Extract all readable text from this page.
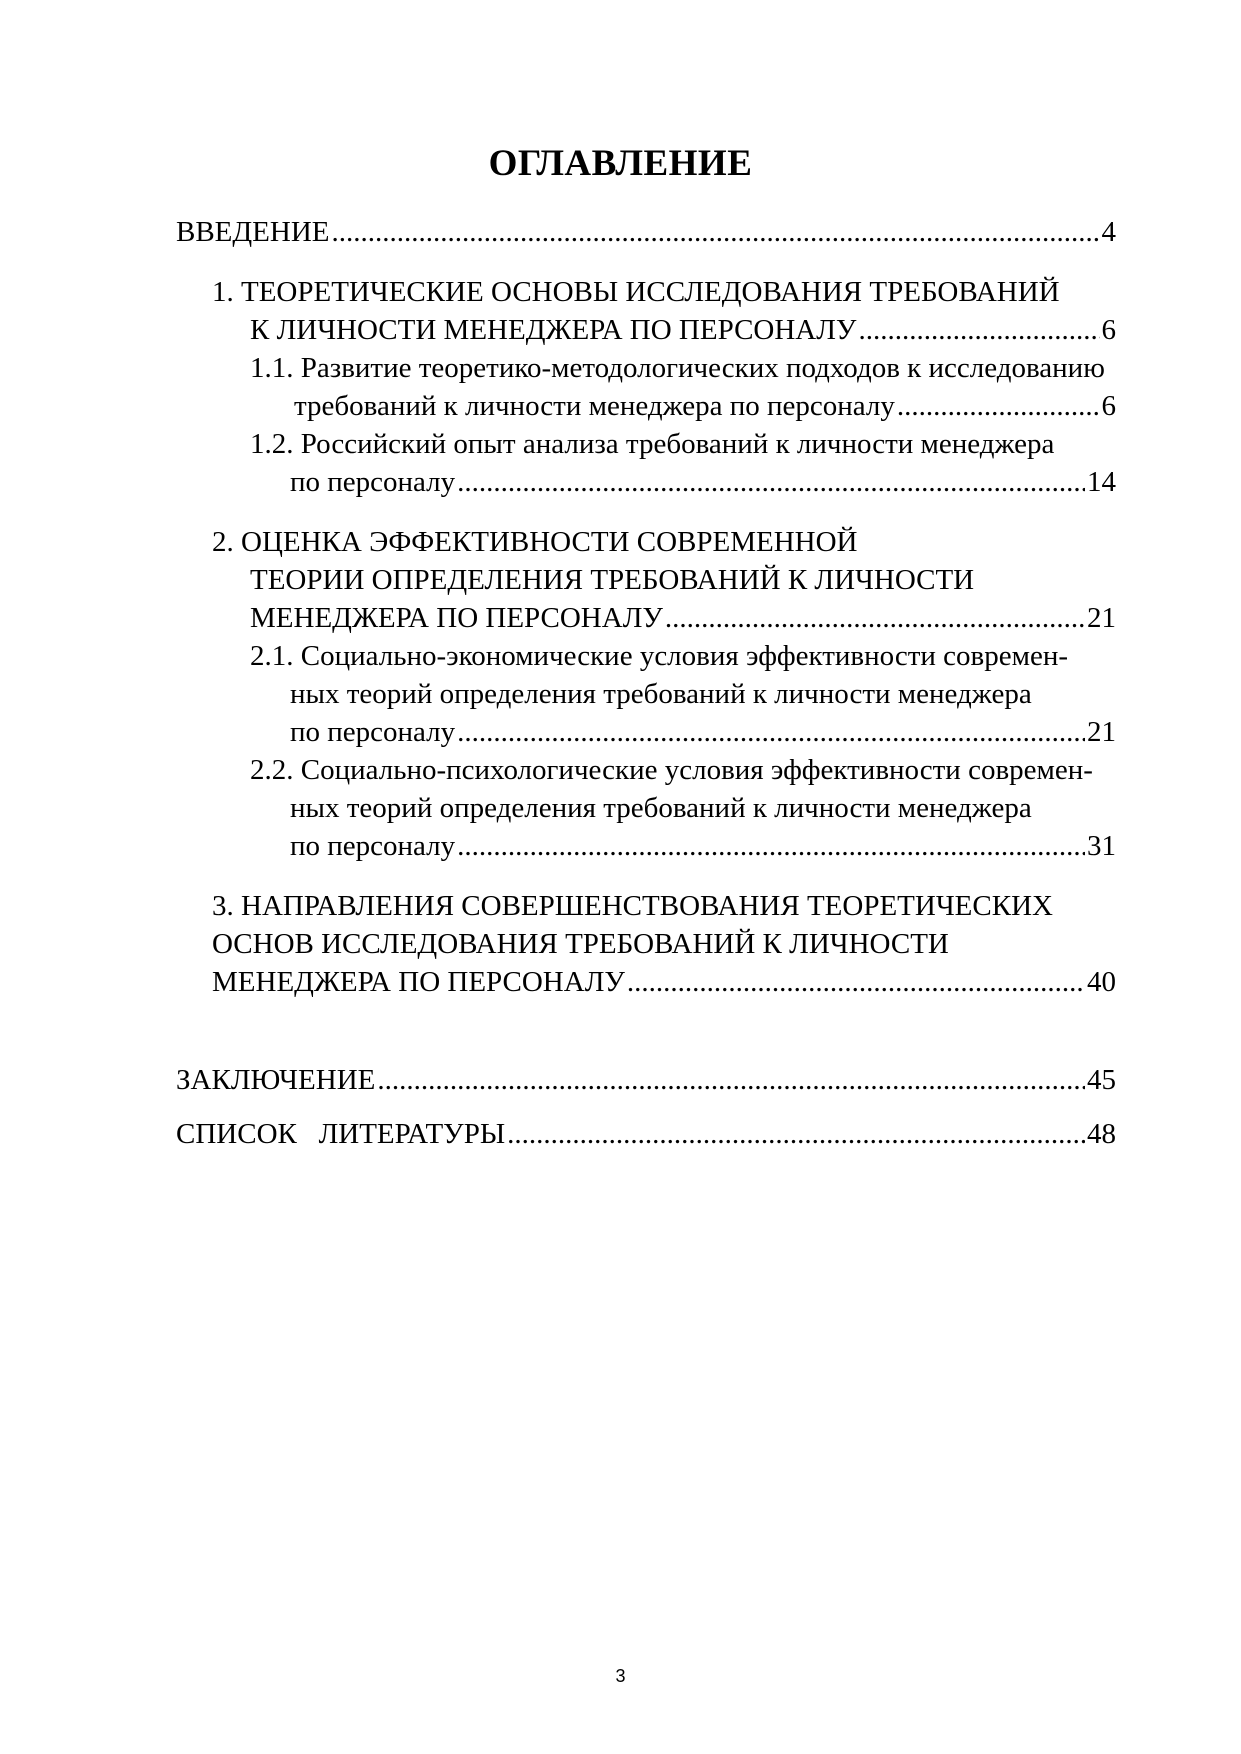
ОГЛАВЛЕНИЕ
ВВЕДЕНИЕ .....	4
1. ТЕОРЕТИЧЕСКИЕ ОСНОВЫ ИССЛЕДОВАНИЯ ТРЕБОВАНИЙ
К ЛИЧНОСТИ МЕНЕДЖЕРА ПО ПЕРСОНАЛУ .....	6
1.1. Развитие теоретико-методологических подходов к исследованию
требований к личности менеджера по персоналу .....	6
1.2. Российский опыт анализа требований к личности менеджера
по персоналу .....	14
2. ОЦЕНКА ЭФФЕКТИВНОСТИ СОВРЕМЕННОЙ
ТЕОРИИ ОПРЕДЕЛЕНИЯ ТРЕБОВАНИЙ К ЛИЧНОСТИ
МЕНЕДЖЕРА ПО ПЕРСОНАЛУ .....	21
2.1. Социально-экономические условия эффективности современ-
ных теорий определения требований к личности менеджера
по персоналу .....	21
2.2. Социально-психологические условия эффективности современ-
ных теорий определения требований к личности менеджера
по персоналу .....	31
3. НАПРАВЛЕНИЯ СОВЕРШЕНСТВОВАНИЯ ТЕОРЕТИЧЕСКИХ
ОСНОВ ИССЛЕДОВАНИЯ ТРЕБОВАНИЙ К ЛИЧНОСТИ
МЕНЕДЖЕРА ПО ПЕРСОНАЛУ .....	40
ЗАКЛЮЧЕНИЕ .....	45
СПИСОК   ЛИТЕРАТУРЫ .....	48
3
